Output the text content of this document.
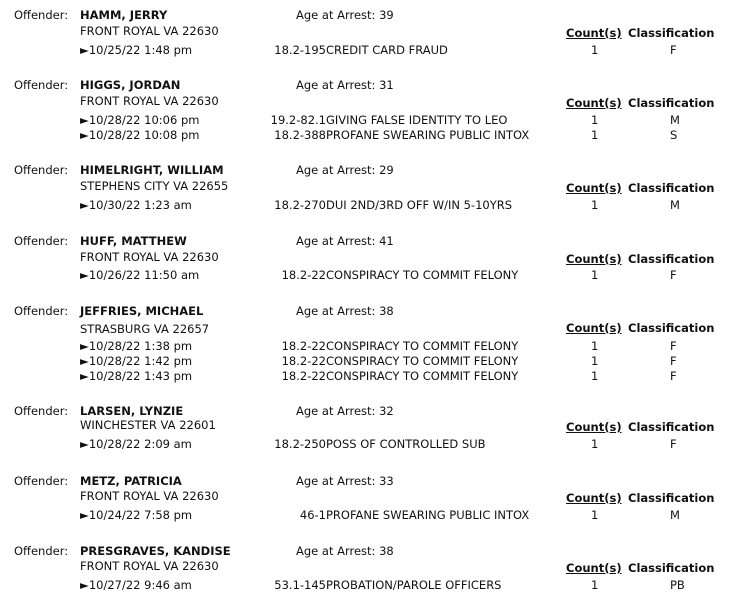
Offender: HAMM, JERRY	Age at Arrest: 39
FRONT ROYAL VA 22630	Count(s) Classification
►10/25/22 1:48 pm	18.2-195 CREDIT CARD FRAUD	1	F
Offender: HIGGS, JORDAN	Age at Arrest: 31
FRONT ROYAL VA 22630	Count(s) Classification
►10/28/22 10:06 pm	19.2-82.1 GIVING FALSE IDENTITY TO LEO	1	M
►10/28/22 10:08 pm	18.2-388 PROFANE SWEARING PUBLIC INTOX	1	S
Offender: HIMELRIGHT, WILLIAM	Age at Arrest: 29
STEPHENS CITY VA 22655	Count(s) Classification
►10/30/22 1:23 am	18.2-270 DUI 2ND/3RD OFF W/IN 5-10YRS	1	M
Offender: HUFF, MATTHEW	Age at Arrest: 41
FRONT ROYAL VA 22630	Count(s) Classification
►10/26/22 11:50 am	18.2-22 CONSPIRACY TO COMMIT FELONY	1	F
Offender: JEFFRIES, MICHAEL	Age at Arrest: 38
STRASBURG VA 22657	Count(s) Classification
►10/28/22 1:38 pm	18.2-22 CONSPIRACY TO COMMIT FELONY	1	F
►10/28/22 1:42 pm	18.2-22 CONSPIRACY TO COMMIT FELONY	1	F
►10/28/22 1:43 pm	18.2-22 CONSPIRACY TO COMMIT FELONY	1	F
Offender: LARSEN, LYNZIE	Age at Arrest: 32
WINCHESTER VA 22601	Count(s) Classification
►10/28/22 2:09 am	18.2-250 POSS OF CONTROLLED SUB	1	F
Offender: METZ, PATRICIA	Age at Arrest: 33
FRONT ROYAL VA 22630	Count(s) Classification
►10/24/22 7:58 pm	46-1 PROFANE SWEARING PUBLIC INTOX	1	M
Offender: PRESGRAVES, KANDISE	Age at Arrest: 38
FRONT ROYAL VA 22630	Count(s) Classification
►10/27/22 9:46 am	53.1-145 PROBATION/PAROLE OFFICERS	1	PB
